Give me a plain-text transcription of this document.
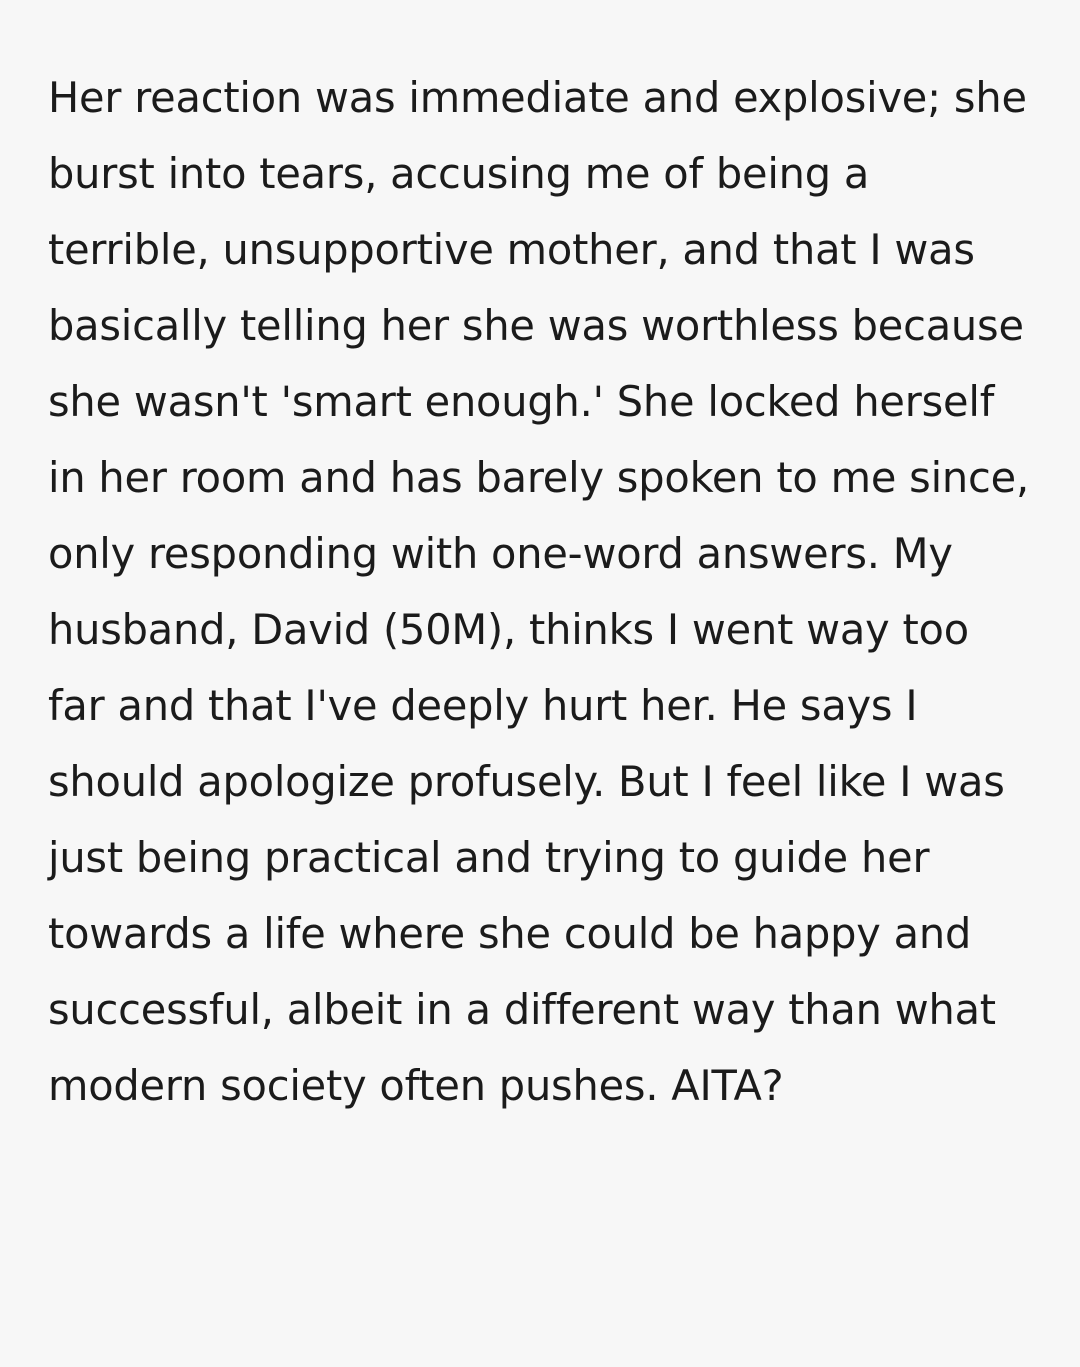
Her reaction was immediate and explosive; she burst into tears, accusing me of being a terrible, unsupportive mother, and that I was basically telling her she was worthless because she wasn't 'smart enough.' She locked herself in her room and has barely spoken to me since, only responding with one-word answers. My husband, David (50M), thinks I went way too far and that I've deeply hurt her. He says I should apologize profusely. But I feel like I was just being practical and trying to guide her towards a life where she could be happy and successful, albeit in a different way than what modern society often pushes. AITA?
